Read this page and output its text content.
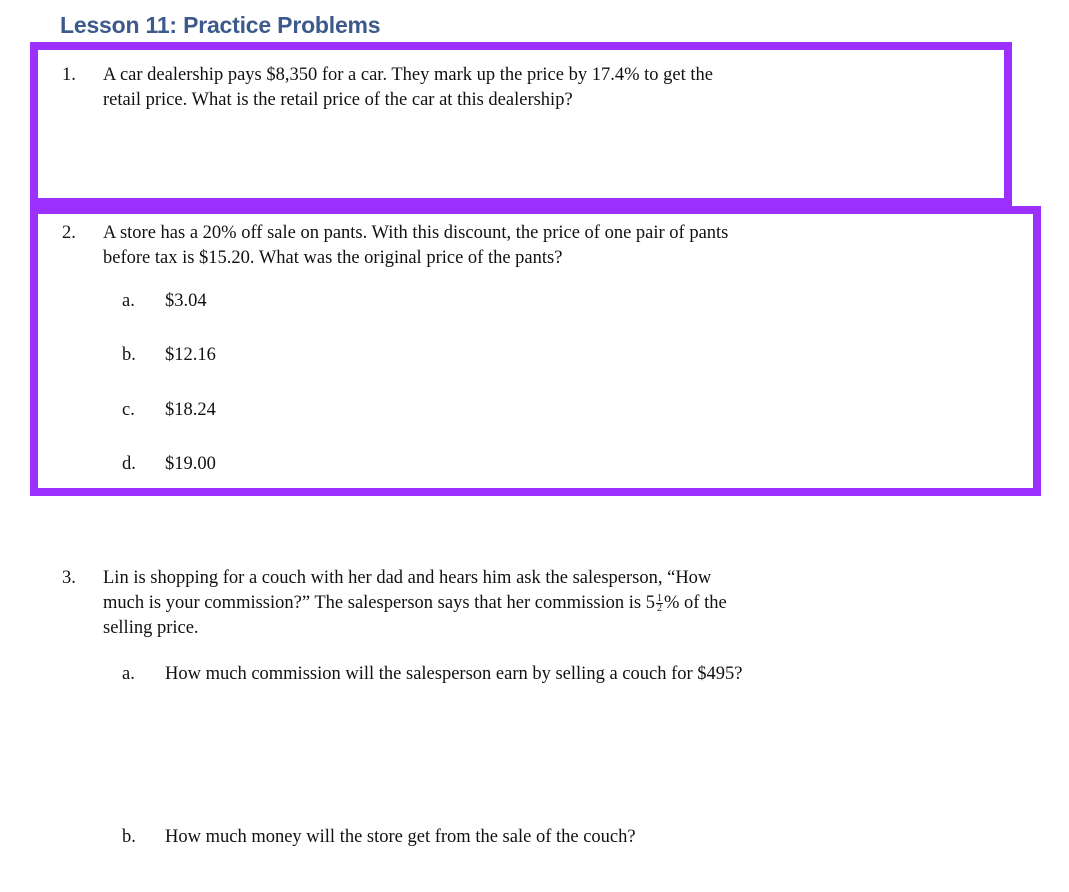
Lesson 11: Practice Problems
1. A car dealership pays $8,350 for a car. They mark up the price by 17.4% to get the
retail price. What is the retail price of the car at this dealership?
2. A store has a 20% off sale on pants. With this discount, the price of one pair of pants
before tax is $15.20. What was the original price of the pants?
a. $3.04
b. $12.16
c. $18.24
d. $19.00
3. Lin is shopping for a couch with her dad and hears him ask the salesperson, “How
much is your commission?” The salesperson says that her commission is $5 \frac{1}{2}$ % of the
selling price.
a. How much commission will the salesperson earn by selling a couch for $495?
b. How much money will the store get from the sale of the couch?
